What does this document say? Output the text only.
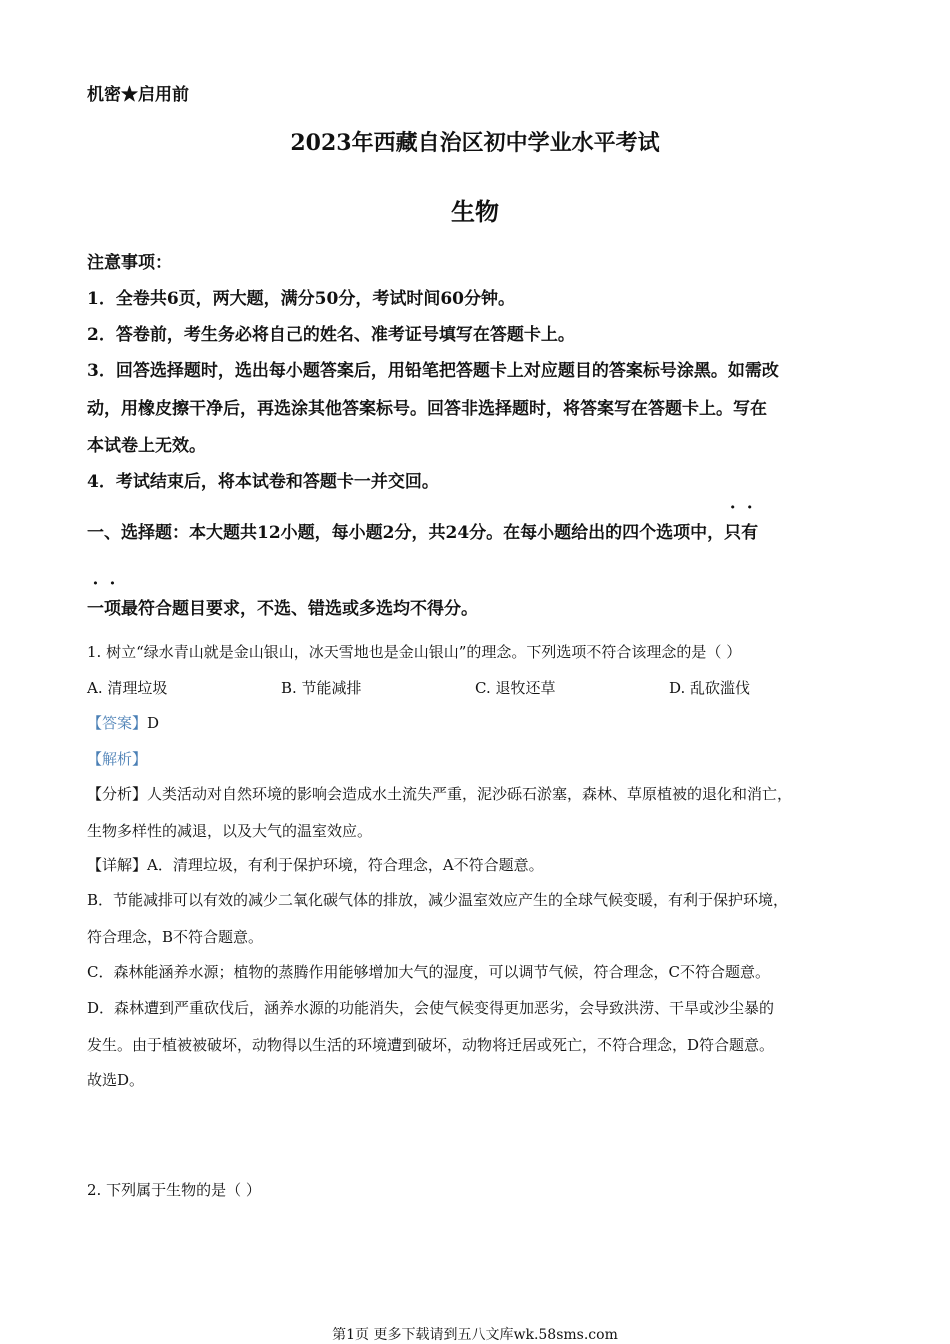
机密★启用前
2023年西藏自治区初中学业水平考试
生物
注意事项：
1．全卷共6页，两大题，满分50分，考试时间60分钟。
2．答卷前，考生务必将自己的姓名、准考证号填写在答题卡上。
3．回答选择题时，选出每小题答案后，用铅笔把答题卡上对应题目的答案标号涂黑。如需改
动，用橡皮擦干净后，再选涂其他答案标号。回答非选择题时，将答案写在答题卡上。写在
本试卷上无效。
4．考试结束后，将本试卷和答题卡一并交回。
一、选择题：本大题共12小题，每小题2分，共24分。在每小题给出的四个选项中，只有
一项最符合题目要求，不选、错选或多选均不得分。
1. 树立“绿水青山就是金山银山，冰天雪地也是金山银山”的理念。下列选项不符合该理念的是（ ）
A. 清理垃圾	B. 节能减排	C. 退牧还草	D. 乱砍滥伐
【答案】D
【解析】
【分析】人类活动对自然环境的影响会造成水土流失严重，泥沙砾石淤塞，森林、草原植被的退化和消亡，
生物多样性的减退，以及大气的温室效应。
【详解】A．清理垃圾，有利于保护环境，符合理念，A不符合题意。
B．节能减排可以有效的减少二氧化碳气体的排放，减少温室效应产生的全球气候变暖，有利于保护环境，
符合理念，B不符合题意。
C．森林能涵养水源；植物的蒸腾作用能够增加大气的湿度，可以调节气候，符合理念，C不符合题意。
D．森林遭到严重砍伐后，涵养水源的功能消失，会使气候变得更加恶劣，会导致洪涝、干旱或沙尘暴的
发生。由于植被被破坏，动物得以生活的环境遭到破坏，动物将迁居或死亡，不符合理念，D符合题意。
故选D。
2. 下列属于生物的是（ ）
第1页 更多下载请到五八文库wk.58sms.com
